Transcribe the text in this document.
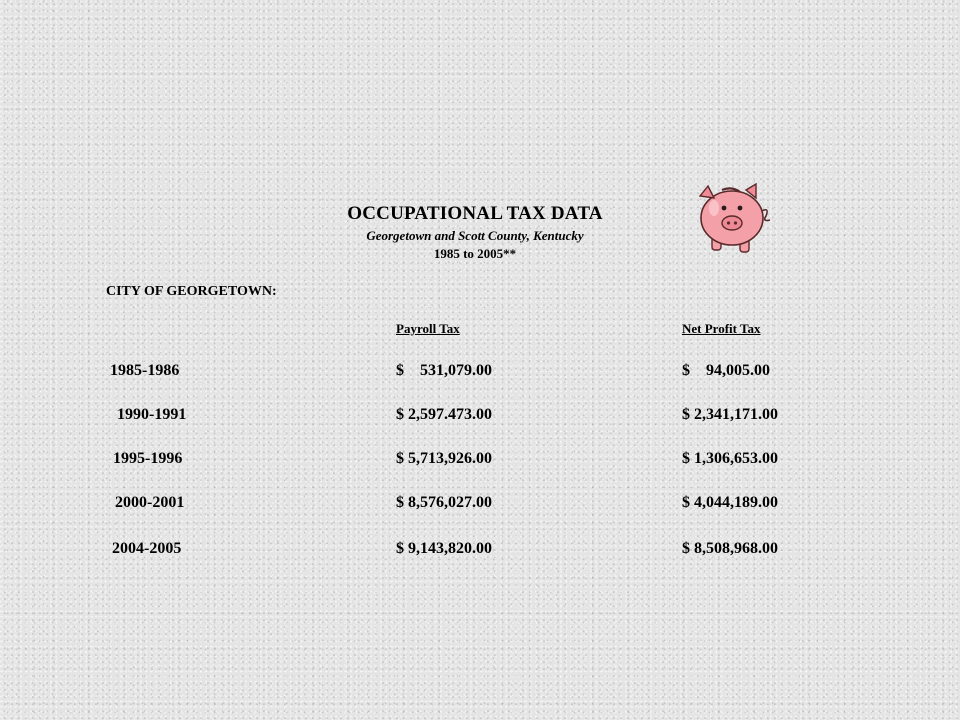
OCCUPATIONAL TAX DATA
Georgetown and Scott County, Kentucky
1985 to 2005**
CITY OF GEORGETOWN:
Payroll Tax	Net Profit Tax
1985-1986	$    531,079.00	$    94,005.00
1990-1991	$ 2,597.473.00	$ 2,341,171.00
1995-1996	$ 5,713,926.00	$ 1,306,653.00
2000-2001	$ 8,576,027.00	$ 4,044,189.00
2004-2005	$ 9,143,820.00	$ 8,508,968.00
